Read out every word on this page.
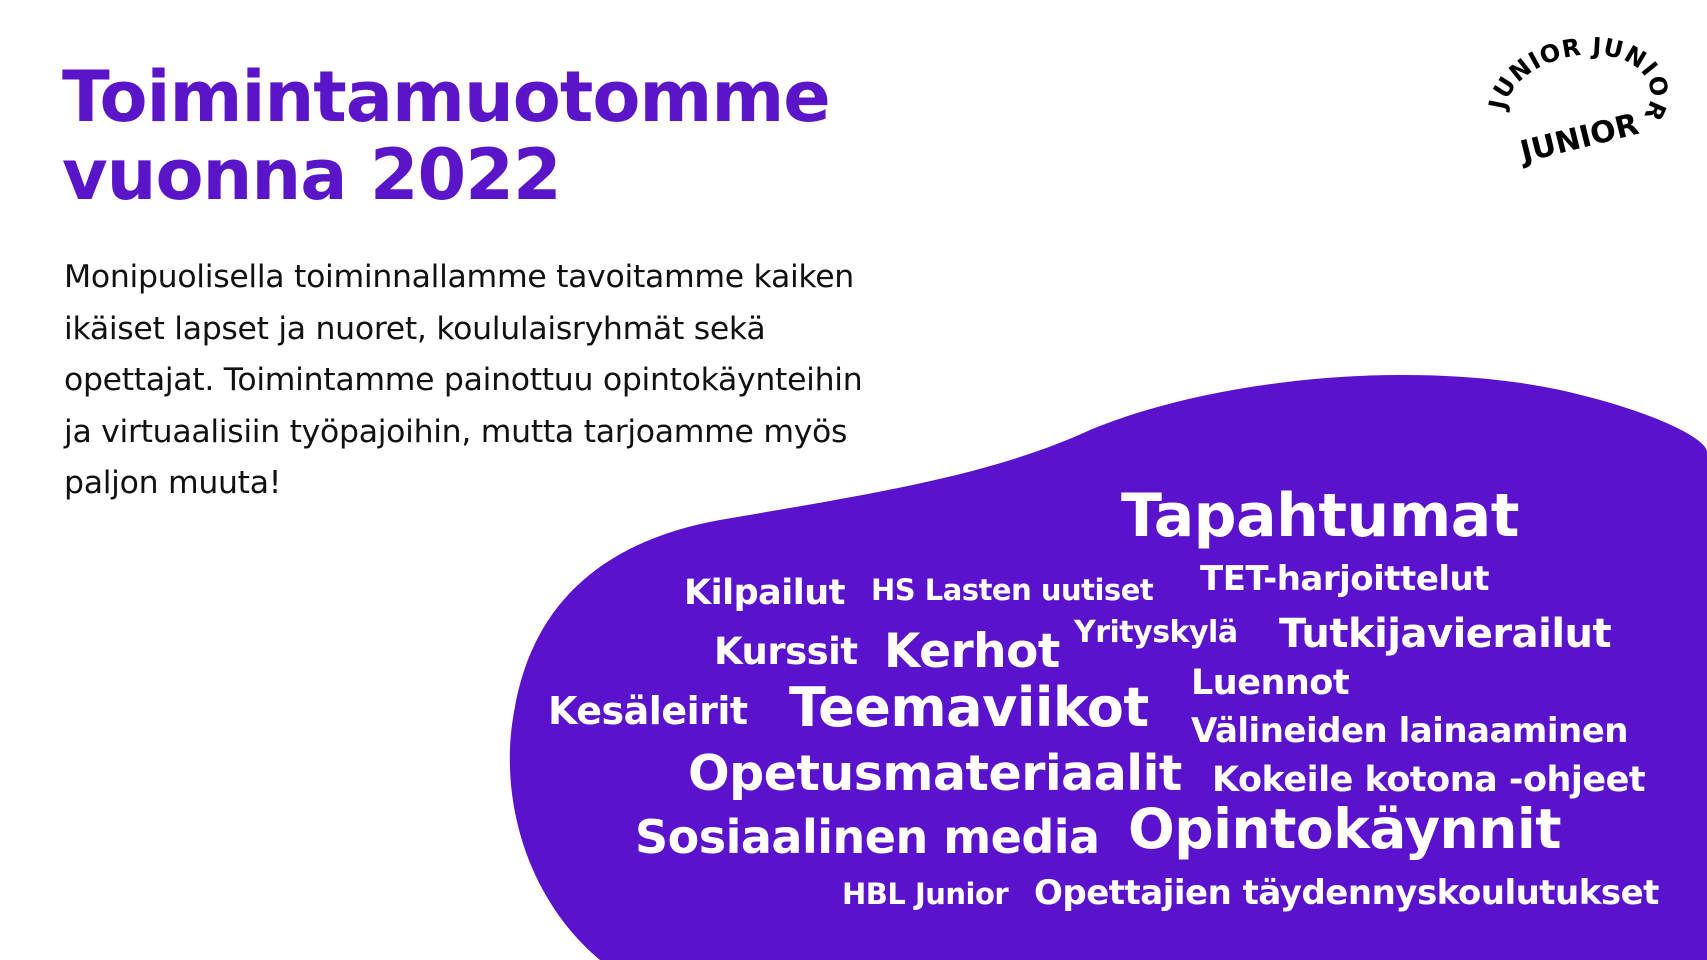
Toimintamuotomme
vuonna 2022
Monipuolisella toiminnallamme tavoitamme kaiken
ikäiset lapset ja nuoret, koululaisryhmät sekä
opettajat. Toimintamme painottuu opintokäynteihin
ja virtuaalisiin työpajoihin, mutta tarjoamme myös
paljon muuta!
JUNIOR JUNIOR
JUNIOR
Tapahtumat
Kilpailut HS Lasten uutiset TET-harjoittelut
Kurssit Kerhot Yrityskylä Tutkijavierailut
Kesäleirit Teemaviikot Luennot
Välineiden lainaaminen
Opetusmateriaalit Kokeile kotona -ohjeet
Sosiaalinen media Opintokäynnit
HBL Junior Opettajien täydennyskoulutukset
